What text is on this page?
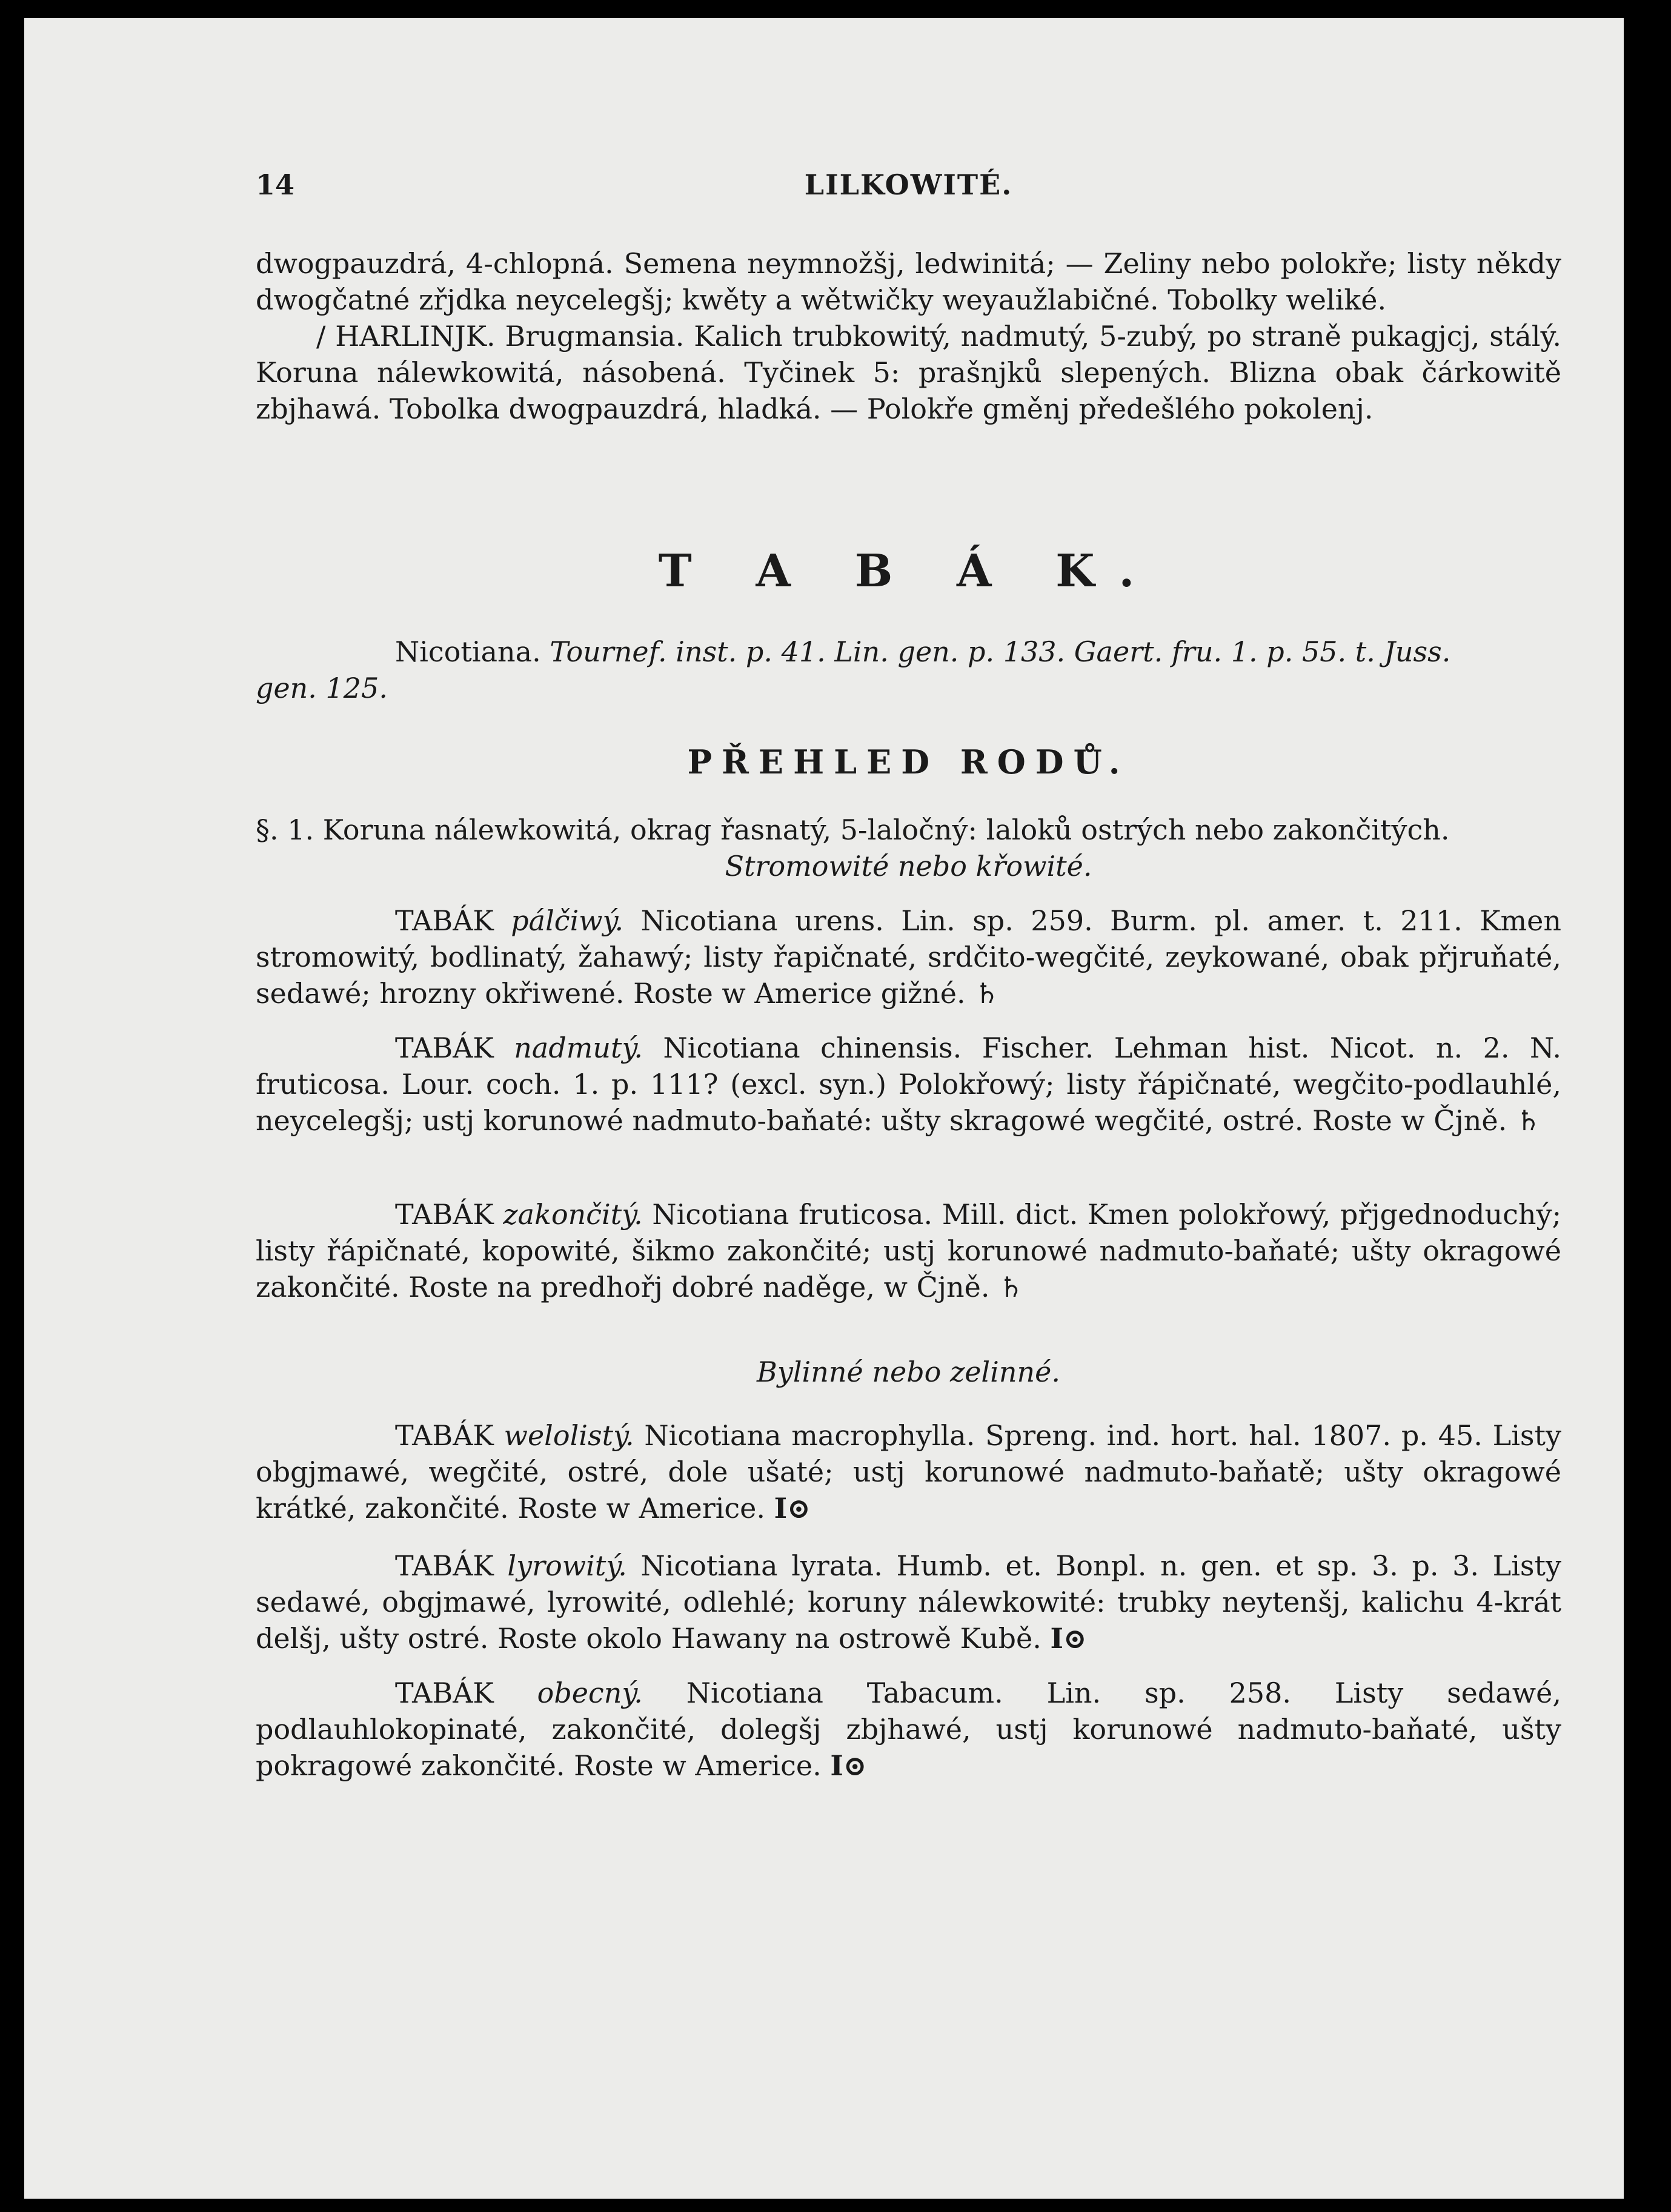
14	LILKOWITÉ.
dwogpauzdrá, 4-chlopná. Semena neymnožšj, ledwinitá; — Zeliny nebo polokře; listy někdy dwogčatné zřjdka neycelegšj; kwěty a wětwičky weyaužlabičné. Tobolky weliké.
/ HARLINJK. Brugmansia. Kalich trubkowitý, nadmutý, 5-zubý, po straně pukagjcj, stálý. Koruna nálewkowitá, násobená. Tyčinek 5: prašnjků slepených. Blizna obak čárkowitě zbjhawá. Tobolka dwogpauzdrá, hladká. — Polokře gměnj předešlého pokolenj.
T A B Á K.
Nicotiana. Tournef. inst. p. 41. Lin. gen. p. 133. Gaert. fru. 1. p. 55. t. Juss.
gen. 125.
PŘEHLED RODŮ.
§. 1. Koruna nálewkowitá, okrag řasnatý, 5-laločný: laloků ostrých nebo zakončitých.
Stromowité nebo křowité.
TABÁK pálčiwý. Nicotiana urens. Lin. sp. 259. Burm. pl. amer. t. 211. Kmen stromowitý, bodlinatý, žahawý; listy řapičnaté, srdčito-wegčité, zeykowané, obak přjruňaté, sedawé; hrozny okřiwené. Roste w Americe gižné. ♄
TABÁK nadmutý. Nicotiana chinensis. Fischer. Lehman hist. Nicot. n. 2. N. fruticosa. Lour. coch. 1. p. 111? (excl. syn.) Polokřowý; listy řápičnaté, wegčito-podlauhlé, neycelegšj; ustj korunowé nadmuto-baňaté: ušty skragowé wegčité, ostré. Roste w Čjně. ♄
TABÁK zakončitý. Nicotiana fruticosa. Mill. dict. Kmen polokřowý, přjgednoduchý; listy řápičnaté, kopowité, šikmo zakončité; ustj korunowé nadmuto-baňaté; ušty okragowé zakončité. Roste na predhořj dobré naděge, w Čjně. ♄
Bylinné nebo zelinné.
TABÁK welolistý. Nicotiana macrophylla. Spreng. ind. hort. hal. 1807. p. 45. Listy obgjmawé, wegčité, ostré, dole ušaté; ustj korunowé nadmuto-baňatě; ušty okragowé krátké, zakončité. Roste w Americe. I⊙
TABÁK lyrowitý. Nicotiana lyrata. Humb. et. Bonpl. n. gen. et sp. 3. p. 3. Listy sedawé, obgjmawé, lyrowité, odlehlé; koruny nálewkowité: trubky neytenšj, kalichu 4-krát delšj, ušty ostré. Roste okolo Hawany na ostrowě Kubě. I⊙
TABÁK obecný. Nicotiana Tabacum. Lin. sp. 258. Listy sedawé, podlauhlokopinaté, zakončité, dolegšj zbjhawé, ustj korunowé nadmuto-baňaté, ušty pokragowé zakončité. Roste w Americe. I⊙
